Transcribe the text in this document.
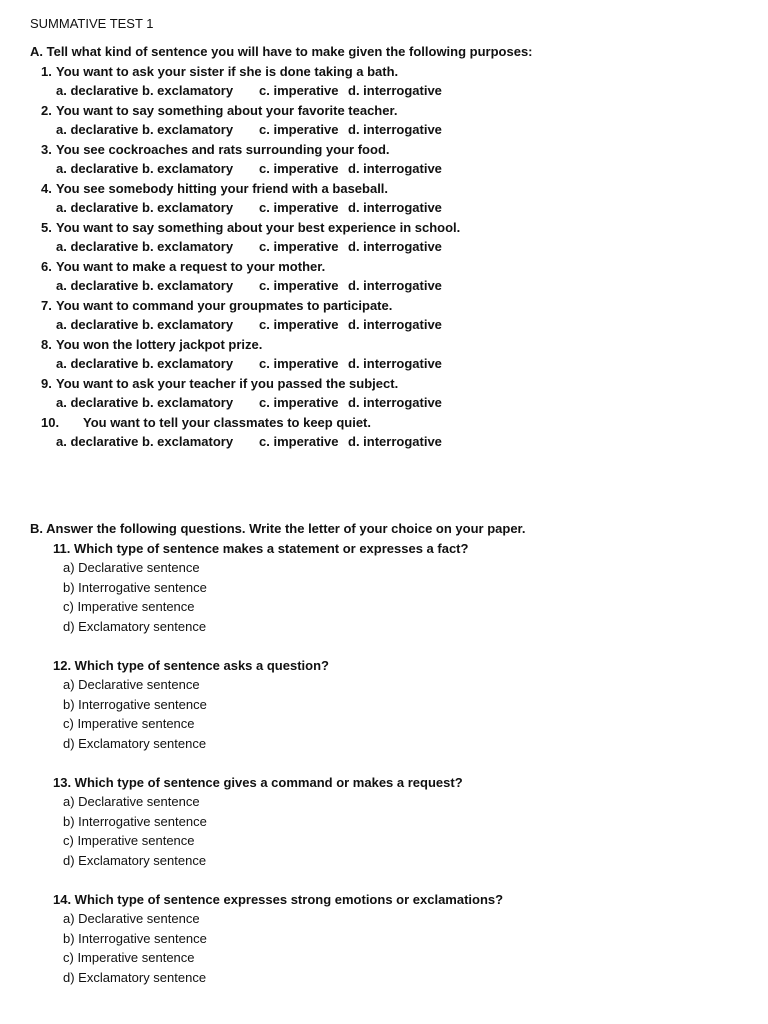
SUMMATIVE TEST 1
A. Tell what kind of sentence you will have to make given the following purposes:
1. You want to ask your sister if she is done taking a bath.
a. declarative b. exclamatory c. imperative d. interrogative
2. You want to say something about your favorite teacher.
a. declarative b. exclamatory c. imperative d. interrogative
3. You see cockroaches and rats surrounding your food.
a. declarative b. exclamatory c. imperative d. interrogative
4. You see somebody hitting your friend with a baseball.
a. declarative b. exclamatory c. imperative d. interrogative
5. You want to say something about your best experience in school.
a. declarative b. exclamatory c. imperative d. interrogative
6. You want to make a request to your mother.
a. declarative b. exclamatory c. imperative d. interrogative
7. You want to command your groupmates to participate.
a. declarative b. exclamatory c. imperative d. interrogative
8. You won the lottery jackpot prize.
a. declarative b. exclamatory c. imperative d. interrogative
9. You want to ask your teacher if you passed the subject.
a. declarative b. exclamatory c. imperative d. interrogative
10. You want to tell your classmates to keep quiet.
a. declarative b. exclamatory c. imperative d. interrogative
B. Answer the following questions. Write the letter of your choice on your paper.
11. Which type of sentence makes a statement or expresses a fact?
a) Declarative sentence
b) Interrogative sentence
c) Imperative sentence
d) Exclamatory sentence
12. Which type of sentence asks a question?
a) Declarative sentence
b) Interrogative sentence
c) Imperative sentence
d) Exclamatory sentence
13. Which type of sentence gives a command or makes a request?
a) Declarative sentence
b) Interrogative sentence
c) Imperative sentence
d) Exclamatory sentence
14. Which type of sentence expresses strong emotions or exclamations?
a) Declarative sentence
b) Interrogative sentence
c) Imperative sentence
d) Exclamatory sentence
